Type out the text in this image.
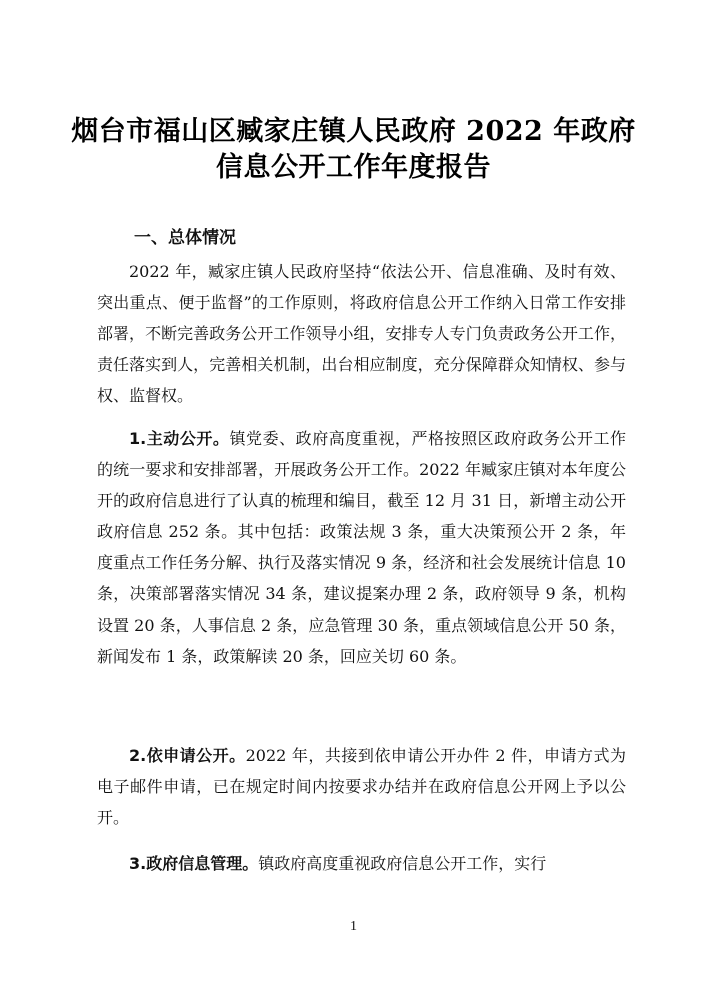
烟台市福山区臧家庄镇人民政府 2022 年政府
信息公开工作年度报告
一、总体情况

2022 年，臧家庄镇人民政府坚持“依法公开、信息准确、及时有效、突出重点、便于监督”的工作原则，将政府信息公开工作纳入日常工作安排部署，不断完善政务公开工作领导小组，安排专人专门负责政务公开工作，责任落实到人，完善相关机制，出台相应制度，充分保障群众知情权、参与权、监督权。

1.主动公开。镇党委、政府高度重视，严格按照区政府政务公开工作的统一要求和安排部署，开展政务公开工作。2022 年臧家庄镇对本年度公开的政府信息进行了认真的梳理和编目，截至 12 月 31 日，新增主动公开政府信息 252 条。其中包括：政策法规 3 条，重大决策预公开 2 条，年度重点工作任务分解、执行及落实情况 9 条，经济和社会发展统计信息 10 条，决策部署落实情况 34 条，建议提案办理 2 条，政府领导 9 条，机构设置 20 条，人事信息 2 条，应急管理 30 条，重点领域信息公开 50 条，新闻发布 1 条，政策解读 20 条，回应关切 60 条。

2.依申请公开。2022 年，共接到依申请公开办件 2 件，申请方式为电子邮件申请，已在规定时间内按要求办结并在政府信息公开网上予以公开。

3.政府信息管理。镇政府高度重视政府信息公开工作，实行

1
